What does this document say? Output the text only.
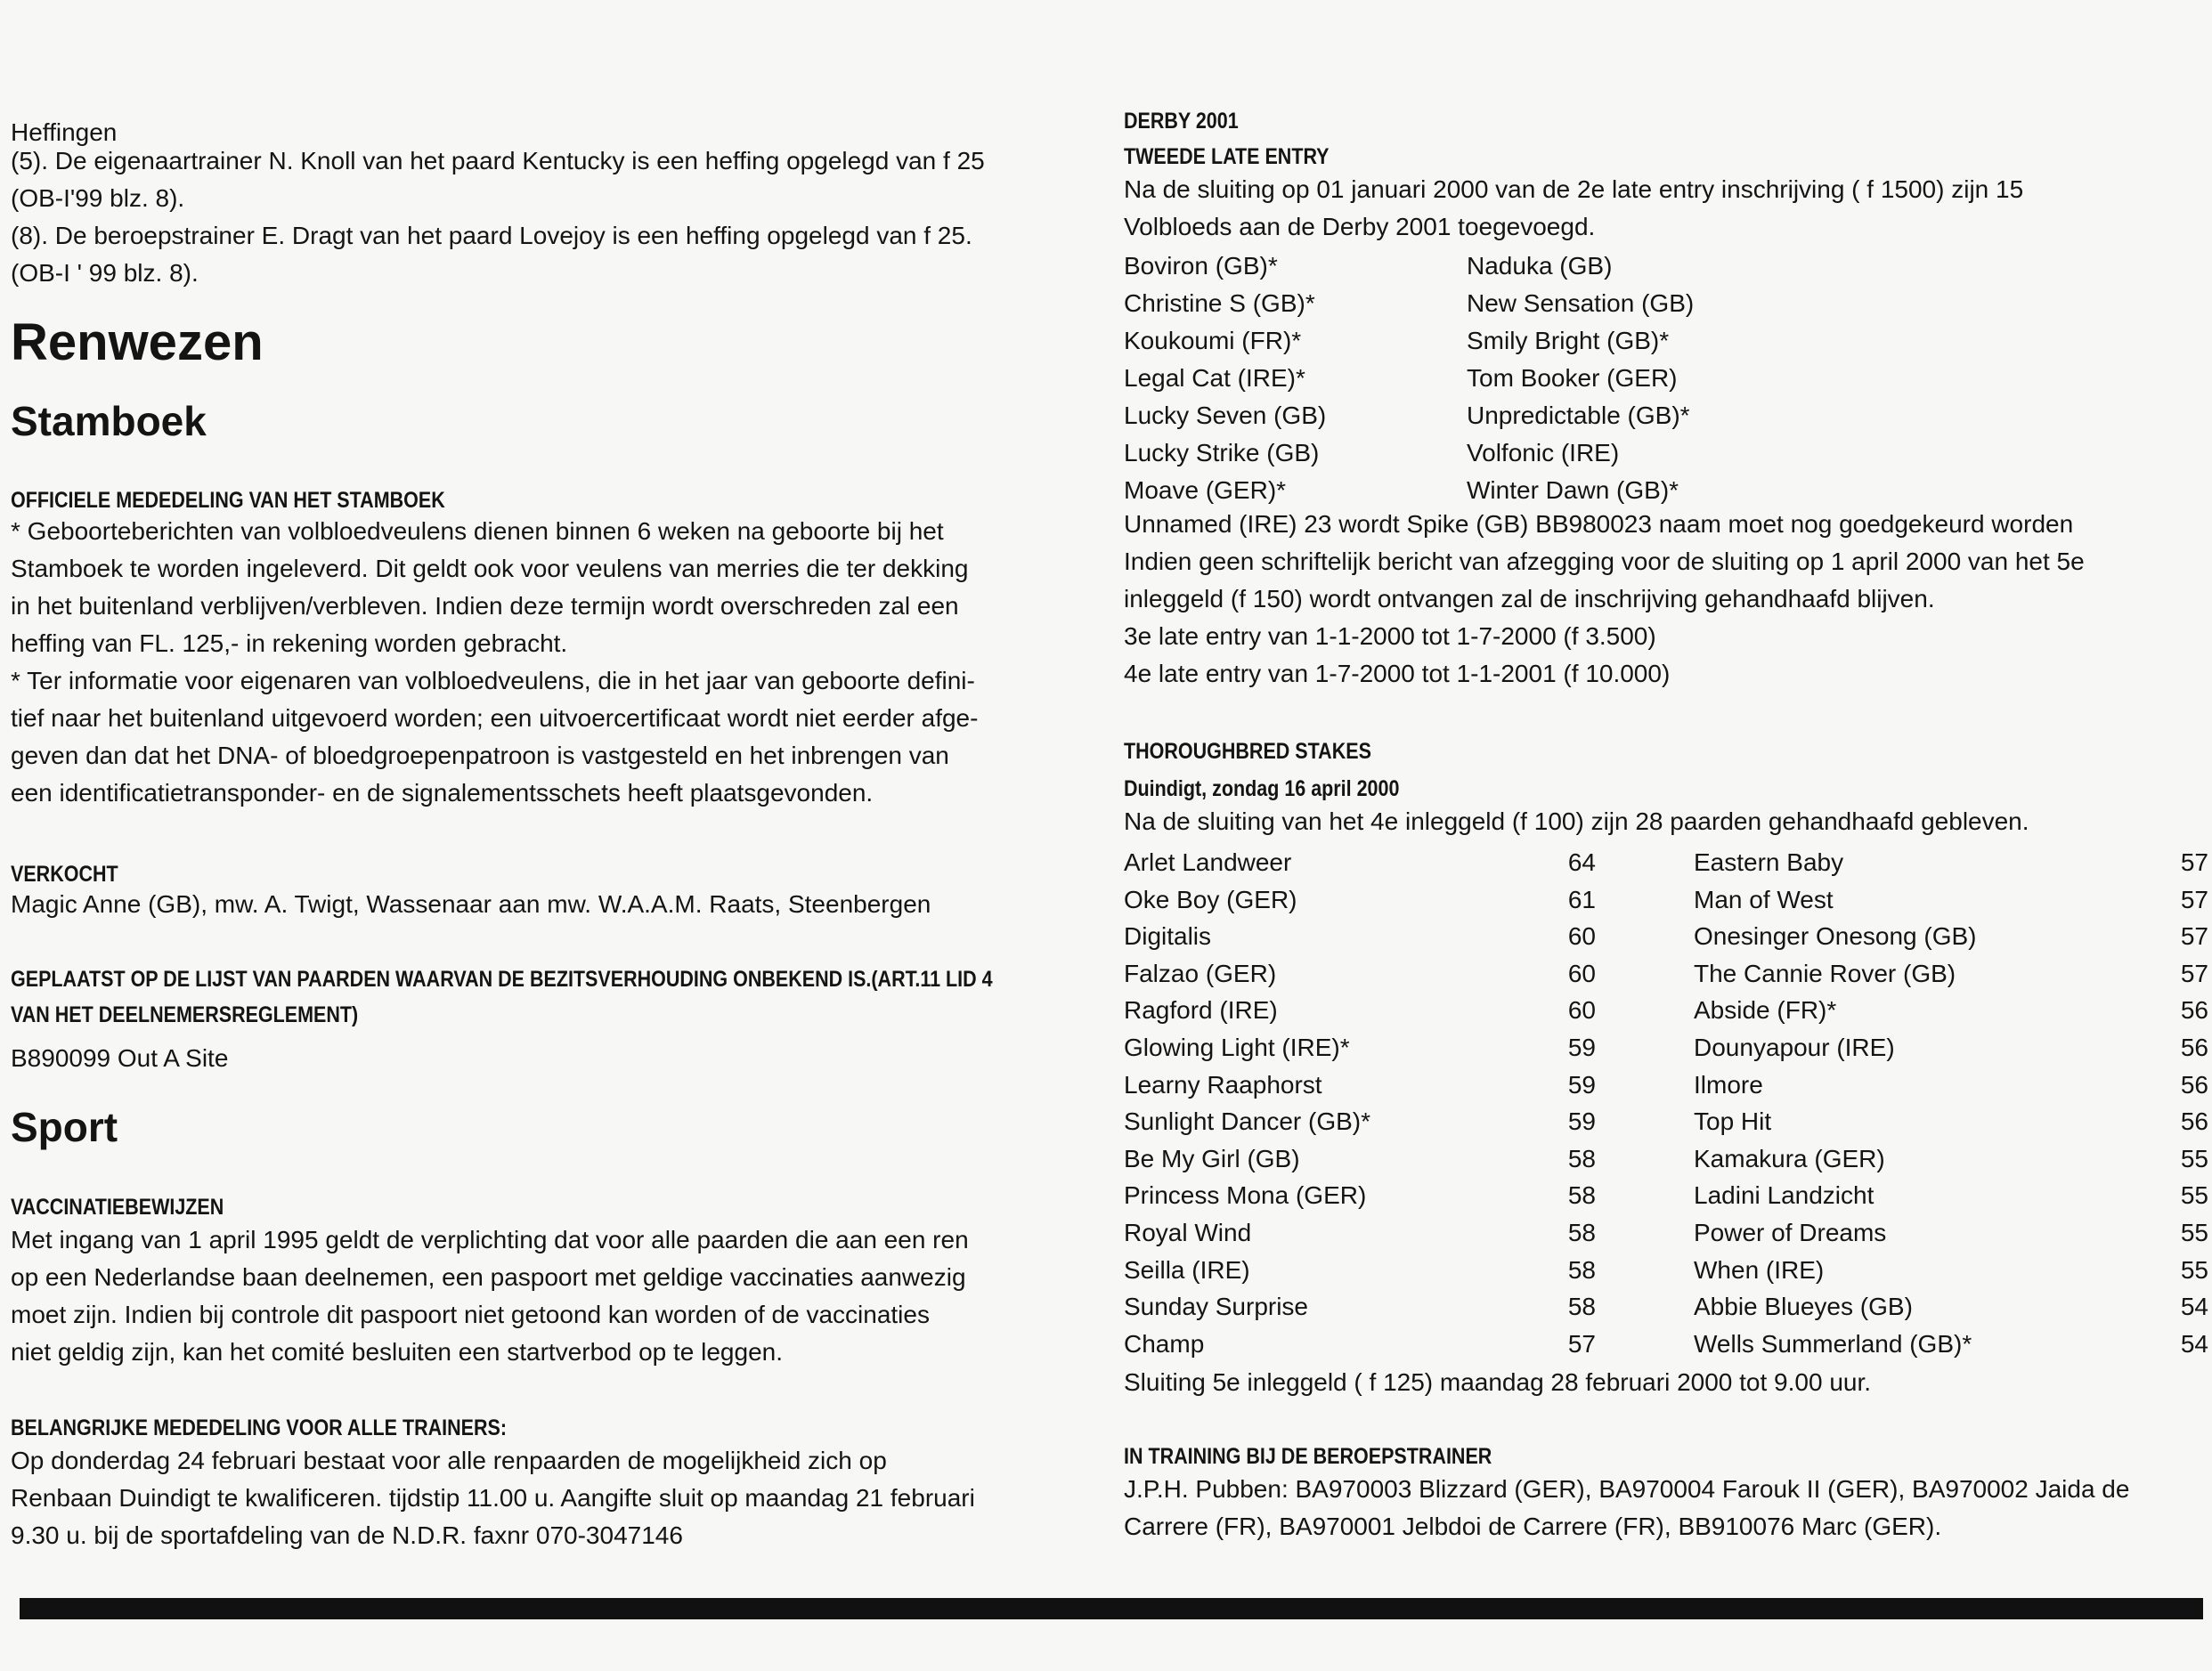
Heffingen
(5). De eigenaartrainer N. Knoll van het paard Kentucky is een heffing opgelegd van f 25
(OB-I'99 blz. 8).
(8). De beroepstrainer E. Dragt van het paard Lovejoy is een heffing opgelegd van f 25.
(OB-I ' 99 blz. 8).
Renwezen
Stamboek
OFFICIELE MEDEDELING VAN HET STAMBOEK
* Geboorteberichten van volbloedveulens dienen binnen 6 weken na geboorte bij het
Stamboek te worden ingeleverd. Dit geldt ook voor veulens van merries die ter dekking
in het buitenland verblijven/verbleven. Indien deze termijn wordt overschreden zal een
heffing van FL. 125,- in rekening worden gebracht.
* Ter informatie voor eigenaren van volbloedveulens, die in het jaar van geboorte defini-
tief naar het buitenland uitgevoerd worden; een uitvoercertificaat wordt niet eerder afge-
geven dan dat het DNA- of bloedgroepenpatroon is vastgesteld en het inbrengen van
een identificatietransponder- en de signalementsschets heeft plaatsgevonden.
VERKOCHT
Magic Anne (GB), mw. A. Twigt, Wassenaar aan mw. W.A.A.M. Raats, Steenbergen
GEPLAATST OP DE LIJST VAN PAARDEN WAARVAN DE BEZITSVERHOUDING ONBEKEND IS.(ART.11 LID 4
VAN HET DEELNEMERSREGLEMENT)
B890099 Out A Site
Sport
VACCINATIEBEWIJZEN
Met ingang van 1 april 1995 geldt de verplichting dat voor alle paarden die aan een ren
op een Nederlandse baan deelnemen, een paspoort met geldige vaccinaties aanwezig
moet zijn. Indien bij controle dit paspoort niet getoond kan worden of de vaccinaties
niet geldig zijn, kan het comité besluiten een startverbod op te leggen.
BELANGRIJKE MEDEDELING VOOR ALLE TRAINERS:
Op donderdag 24 februari bestaat voor alle renpaarden de mogelijkheid zich op
Renbaan Duindigt te kwalificeren. tijdstip 11.00 u. Aangifte sluit op maandag 21 februari
9.30 u. bij de sportafdeling van de N.D.R. faxnr 070-3047146
DERBY 2001
TWEEDE LATE ENTRY
Na de sluiting op 01 januari 2000 van de 2e late entry inschrijving ( f 1500) zijn 15
Volbloeds aan de Derby 2001 toegevoegd.
Boviron (GB)*	Naduka (GB)
Christine S (GB)*	New Sensation (GB)
Koukoumi (FR)*	Smily Bright (GB)*
Legal Cat (IRE)*	Tom Booker (GER)
Lucky Seven (GB)	Unpredictable (GB)*
Lucky Strike (GB)	Volfonic (IRE)
Moave (GER)*	Winter Dawn (GB)*
Unnamed (IRE) 23 wordt Spike (GB) BB980023 naam moet nog goedgekeurd worden
Indien geen schriftelijk bericht van afzegging voor de sluiting op 1 april 2000 van het 5e
inleggeld (f 150) wordt ontvangen zal de inschrijving gehandhaafd blijven.
3e late entry van 1-1-2000 tot 1-7-2000 (f 3.500)
4e late entry van 1-7-2000 tot 1-1-2001 (f 10.000)
THOROUGHBRED STAKES
Duindigt, zondag 16 april 2000
Na de sluiting van het 4e inleggeld (f 100) zijn 28 paarden gehandhaafd gebleven.
Arlet Landweer	64	Eastern Baby	57
Oke Boy (GER)	61	Man of West	57
Digitalis	60	Onesinger Onesong (GB)	57
Falzao (GER)	60	The Cannie Rover (GB)	57
Ragford (IRE)	60	Abside (FR)*	56
Glowing Light (IRE)*	59	Dounyapour (IRE)	56
Learny Raaphorst	59	Ilmore	56
Sunlight Dancer (GB)*	59	Top Hit	56
Be My Girl (GB)	58	Kamakura (GER)	55
Princess Mona (GER)	58	Ladini Landzicht	55
Royal Wind	58	Power of Dreams	55
Seilla (IRE)	58	When (IRE)	55
Sunday Surprise	58	Abbie Blueyes (GB)	54
Champ	57	Wells Summerland (GB)*	54
Sluiting 5e inleggeld ( f 125) maandag 28 februari 2000 tot 9.00 uur.
IN TRAINING BIJ DE BEROEPSTRAINER
J.P.H. Pubben: BA970003 Blizzard (GER), BA970004 Farouk II (GER), BA970002 Jaida de
Carrere (FR), BA970001 Jelbdoi de Carrere (FR), BB910076 Marc (GER).
